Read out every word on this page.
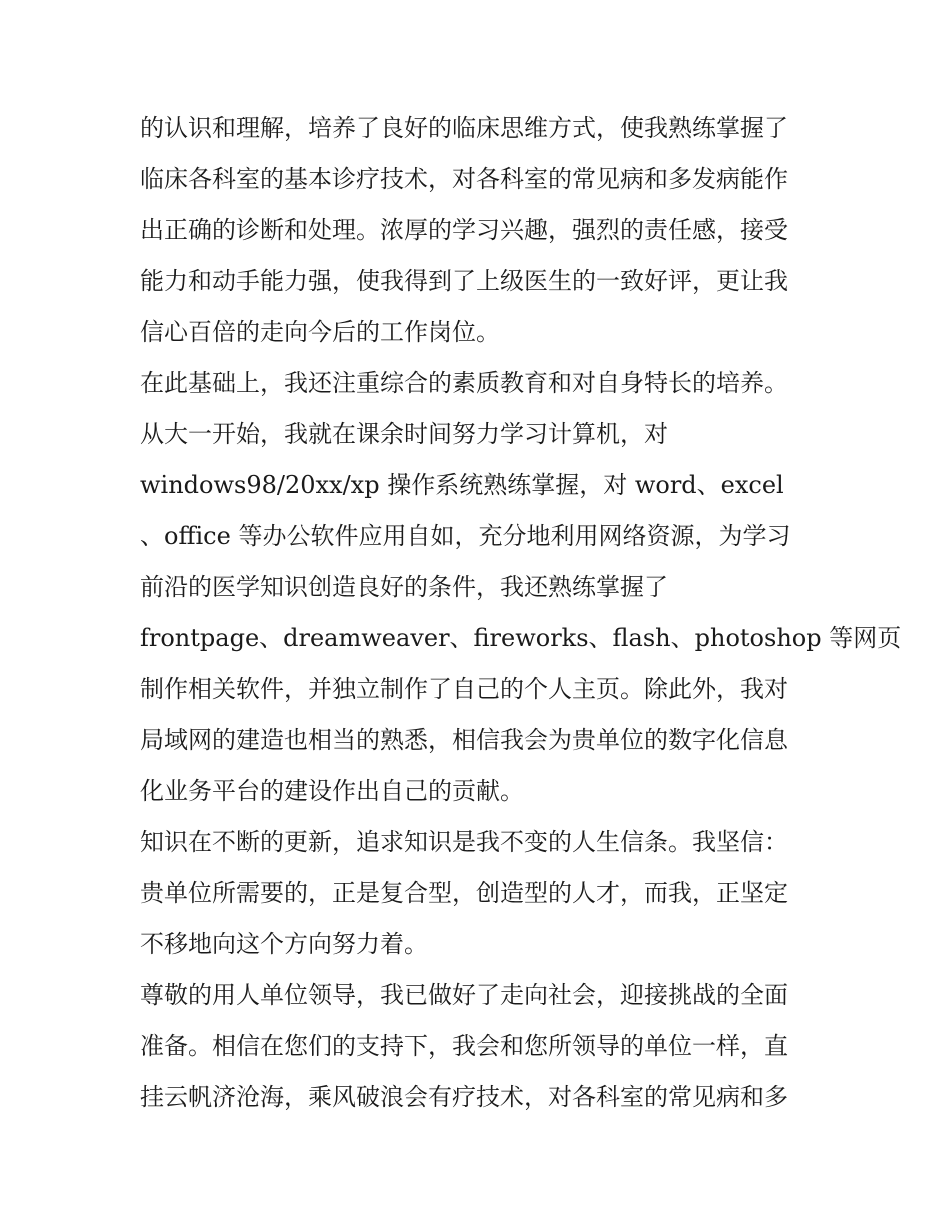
的认识和理解，培养了良好的临床思维方式，使我熟练掌握了
临床各科室的基本诊疗技术，对各科室的常见病和多发病能作
出正确的诊断和处理。浓厚的学习兴趣，强烈的责任感，接受
能力和动手能力强，使我得到了上级医生的一致好评，更让我
信心百倍的走向今后的工作岗位。
在此基础上，我还注重综合的素质教育和对自身特长的培养。
从大一开始，我就在课余时间努力学习计算机，对
windows98/20xx/xp 操作系统熟练掌握，对 word、excel
、office 等办公软件应用自如，充分地利用网络资源，为学习
前沿的医学知识创造良好的条件，我还熟练掌握了
frontpage、dreamweaver、fireworks、flash、photoshop 等网页
制作相关软件，并独立制作了自己的个人主页。除此外，我对
局域网的建造也相当的熟悉，相信我会为贵单位的数字化信息
化业务平台的建设作出自己的贡献。
知识在不断的更新，追求知识是我不变的人生信条。我坚信：
贵单位所需要的，正是复合型，创造型的人才，而我，正坚定
不移地向这个方向努力着。
尊敬的用人单位领导，我已做好了走向社会，迎接挑战的全面
准备。相信在您们的支持下，我会和您所领导的单位一样，直
挂云帆济沧海，乘风破浪会有疗技术，对各科室的常见病和多
